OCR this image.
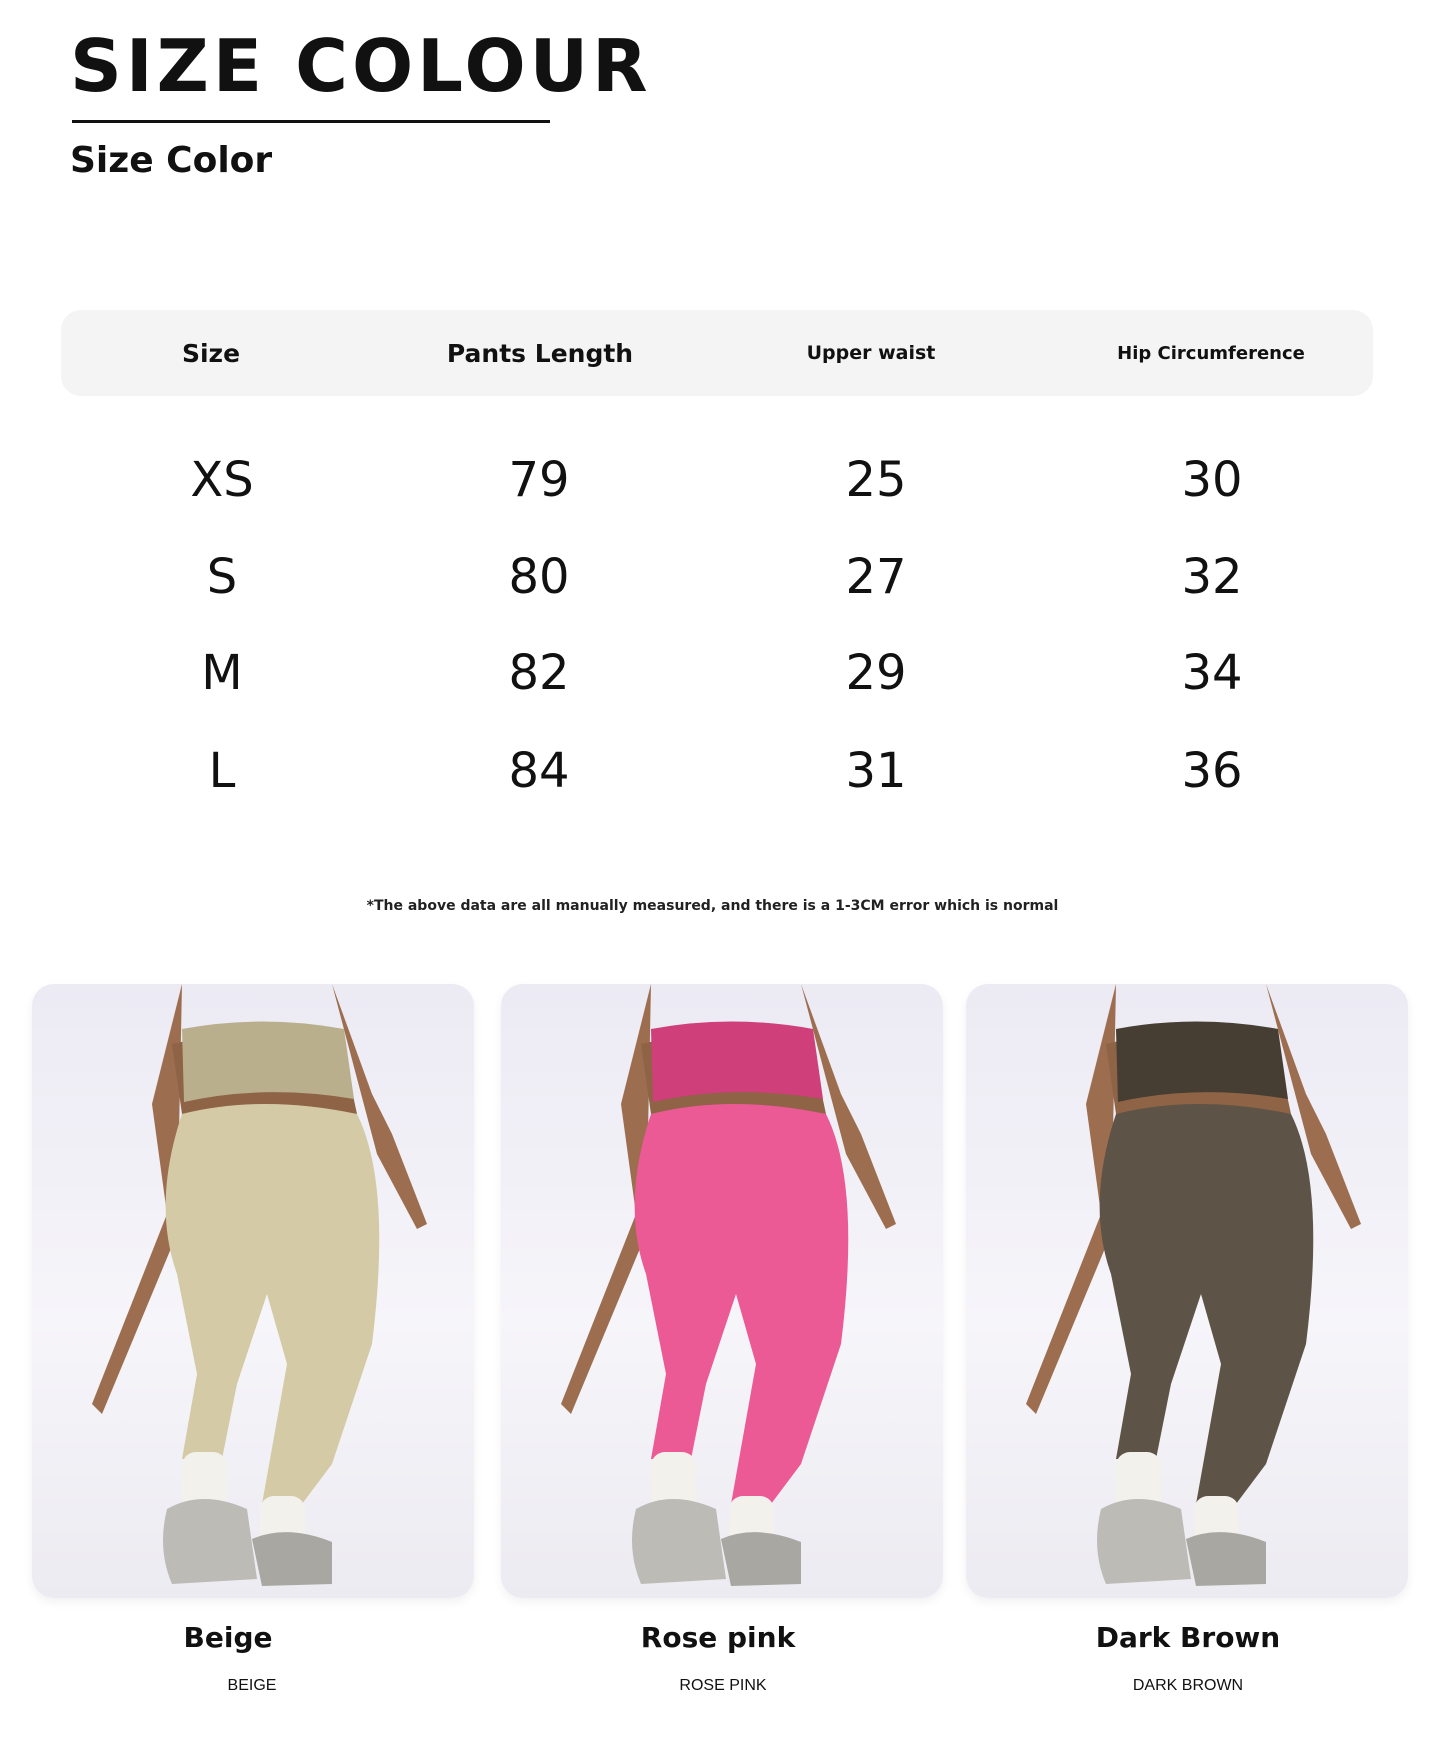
SIZE COLOUR
Size Color
Size	Pants Length	Upper waist	Hip Circumference
XS	79	25	30
S	80	27	32
M	82	29	34
L	84	31	36
*The above data are all manually measured, and there is a 1-3CM error which is normal
Beige	Rose pink	Dark Brown
BEIGE	ROSE PINK	DARK BROWN
